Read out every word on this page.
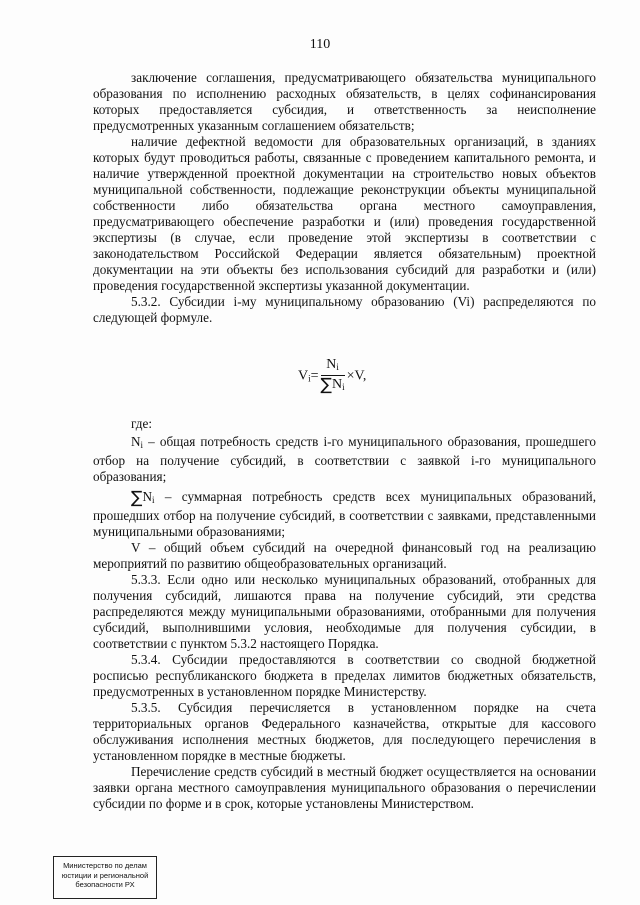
110

заключение соглашения, предусматривающего обязательства муниципального образования по исполнению расходных обязательств, в целях софинансирования которых предоставляется субсидия, и ответственность за неисполнение предусмотренных указанным соглашением обязательств;

наличие дефектной ведомости для образовательных организаций, в зданиях которых будут проводиться работы, связанные с проведением капитального ремонта, и наличие утвержденной проектной документации на строительство новых объектов муниципальной собственности, подлежащие реконструкции объекты муниципальной собственности либо обязательства органа местного самоуправления, предусматривающего обеспечение разработки и (или) проведения государственной экспертизы (в случае, если проведение этой экспертизы в соответствии с законодательством Российской Федерации является обязательным) проектной документации на эти объекты без использования субсидий для разработки и (или) проведения государственной экспертизы указанной документации.

5.3.2. Субсидии i-му муниципальному образованию (Vi) распределяются по следующей формуле.

$V_i= \frac{N_i}{\sum N_i} \times V$,

где:

$N_i$ – общая потребность средств i-го муниципального образования, прошедшего отбор на получение субсидий, в соответствии с заявкой i-го муниципального образования;

$\sum N_i$ – суммарная потребность средств всех муниципальных образований, прошедших отбор на получение субсидий, в соответствии с заявками, представленными муниципальными образованиями;

V – общий объем субсидий на очередной финансовый год на реализацию мероприятий по развитию общеобразовательных организаций.

5.3.3. Если одно или несколько муниципальных образований, отобранных для получения субсидий, лишаются права на получение субсидий, эти средства распределяются между муниципальными образованиями, отобранными для получения субсидий, выполнившими условия, необходимые для получения субсидии, в соответствии с пунктом 5.3.2 настоящего Порядка.

5.3.4. Субсидии предоставляются в соответствии со сводной бюджетной росписью республиканского бюджета в пределах лимитов бюджетных обязательств, предусмотренных в установленном порядке Министерству.

5.3.5. Субсидия перечисляется в установленном порядке на счета территориальных органов Федерального казначейства, открытые для кассового обслуживания исполнения местных бюджетов, для последующего перечисления в установленном порядке в местные бюджеты.

Перечисление средств субсидий в местный бюджет осуществляется на основании заявки органа местного самоуправления муниципального образования о перечислении субсидии по форме и в срок, которые установлены Министерством.

Министерство по делам
юстиции и региональной
безопасности РХ
